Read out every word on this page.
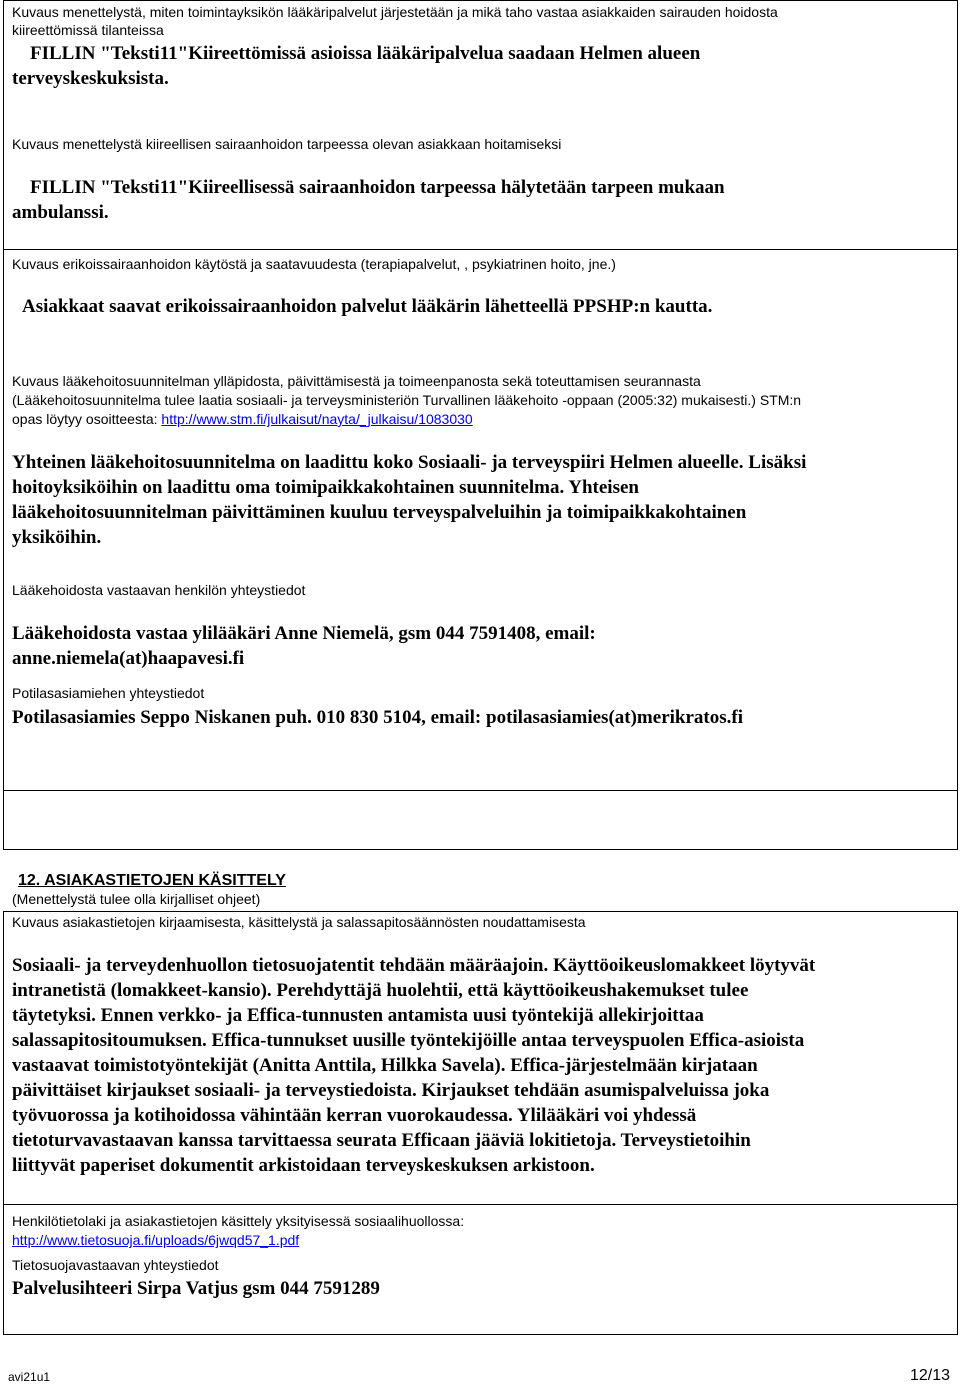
Kuvaus menettelystä, miten toimintayksikön lääkäripalvelut järjestetään ja mikä taho vastaa asiakkaiden sairauden hoidosta
kiireettömissä tilanteissa
FILLIN "Teksti11"Kiireettömissä asioissa lääkäripalvelua saadaan Helmen alueen
terveyskeskuksista.
Kuvaus menettelystä kiireellisen sairaanhoidon tarpeessa olevan asiakkaan hoitamiseksi
FILLIN "Teksti11"Kiireellisessä sairaanhoidon tarpeessa hälytetään tarpeen mukaan
ambulanssi.
Kuvaus erikoissairaanhoidon käytöstä ja saatavuudesta (terapiapalvelut, , psykiatrinen hoito, jne.)
Asiakkaat saavat erikoissairaanhoidon palvelut lääkärin lähetteellä PPSHP:n kautta.
Kuvaus lääkehoitosuunnitelman ylläpidosta, päivittämisestä ja toimeenpanosta sekä toteuttamisen seurannasta
(Lääkehoitosuunnitelma tulee laatia sosiaali- ja terveysministeriön Turvallinen lääkehoito -oppaan (2005:32) mukaisesti.) STM:n
opas löytyy osoitteesta: http://www.stm.fi/julkaisut/nayta/_julkaisu/1083030
Yhteinen lääkehoitosuunnitelma on laadittu koko Sosiaali- ja terveyspiiri Helmen alueelle. Lisäksi
hoitoyksiköihin on laadittu oma toimipaikkakohtainen suunnitelma. Yhteisen
lääkehoitosuunnitelman päivittäminen kuuluu terveyspalveluihin ja toimipaikkakohtainen
yksiköihin.
Lääkehoidosta vastaavan henkilön yhteystiedot
Lääkehoidosta vastaa ylilääkäri Anne Niemelä, gsm 044 7591408, email:
anne.niemela(at)haapavesi.fi
Potilasasiamiehen yhteystiedot
Potilasasiamies Seppo Niskanen puh. 010 830 5104, email: potilasasiamies(at)merikratos.fi
12. ASIAKASTIETOJEN KÄSITTELY
(Menettelystä tulee olla kirjalliset ohjeet)
Kuvaus asiakastietojen kirjaamisesta, käsittelystä ja salassapitosäännösten noudattamisesta
Sosiaali- ja terveydenhuollon tietosuojatentit tehdään määräajoin. Käyttöoikeuslomakkeet löytyvät
intranetistä (lomakkeet-kansio). Perehdyttäjä huolehtii, että käyttöoikeushakemukset tulee
täytetyksi. Ennen verkko- ja Effica-tunnusten antamista uusi työntekijä allekirjoittaa
salassapitositoumuksen. Effica-tunnukset uusille työntekijöille antaa terveyspuolen Effica-asioista
vastaavat toimistotyöntekijät (Anitta Anttila, Hilkka Savela). Effica-järjestelmään kirjataan
päivittäiset kirjaukset sosiaali- ja terveystiedoista. Kirjaukset tehdään asumispalveluissa joka
työvuorossa ja kotihoidossa vähintään kerran vuorokaudessa. Ylilääkäri voi yhdessä
tietoturvavastaavan kanssa tarvittaessa seurata Efficaan jääviä lokitietoja. Terveystietoihin
liittyvät paperiset dokumentit arkistoidaan terveyskeskuksen arkistoon.
Henkilötietolaki ja asiakastietojen käsittely yksityisessä sosiaalihuollossa:
http://www.tietosuoja.fi/uploads/6jwqd57_1.pdf
Tietosuojavastaavan yhteystiedot
Palvelusihteeri Sirpa Vatjus gsm 044 7591289
avi21u1	12/13
